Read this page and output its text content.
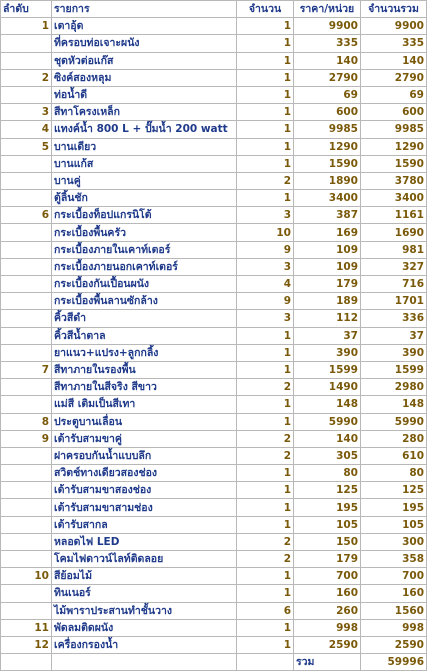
ลำดับ	รายการ	จำนวน	ราคา/หน่วย	จำนวนรวม
1	เตาอุ้ด	1	9900	9900
	ที่ครอบท่อเจาะผนัง	1	335	335
	ชุดหัวต่อแก๊ส	1	140	140
2	ซิงค์สองหลุม	1	2790	2790
	ท่อน้ำดี	1	69	69
3	สีทาโครงเหล็ก	1	600	600
4	แทงค์น้ำ 800 L + ปั๊มน้ำ 200 watt	1	9985	9985
5	บานเดียว	1	1290	1290
	บานแก้ส	1	1590	1590
	บานคู่	2	1890	3780
	ตู้ลิ้นชัก	1	3400	3400
6	กระเบื้องท็อปแกรนิโต้	3	387	1161
	กระเบื้องพื้นครัว	10	169	1690
	กระเบื้องภายในเคาท์เตอร์	9	109	981
	กระเบื้องภายนอกเคาท์เตอร์	3	109	327
	กระเบื้องกันเปื้อนผนัง	4	179	716
	กระเบื้องพื้นลานซักล้าง	9	189	1701
	คิ้วสีดำ	3	112	336
	คิ้วสีน้ำตาล	1	37	37
	ยาแนว+แปรง+ลูกกลิ้ง	1	390	390
7	สีทาภายในรองพื้น	1	1599	1599
	สีทาภายในสีจริง สีขาว	2	1490	2980
	แม่สี เติมเป็นสีเทา	1	148	148
8	ประตูบานเลื่อน	1	5990	5990
9	เต้ารับสามขาคู่	2	140	280
	ฝาครอบกันน้ำแบบลึก	2	305	610
	สวิตช์ทางเดียวสองช่อง	1	80	80
	เต้ารับสามขาสองช่อง	1	125	125
	เต้ารับสามขาสามช่อง	1	195	195
	เต้ารับสากล	1	105	105
	หลอดไฟ LED	2	150	300
	โคมไฟดาวน์ไลท์ติดลอย	2	179	358
10	สีย้อมไม้	1	700	700
	ทินเนอร์	1	160	160
	ไม้พาราประสานทำชั้นวาง	6	260	1560
11	พัดลมติดผนัง	1	998	998
12	เครื่องกรองน้ำ	1	2590	2590
			รวม	59996
